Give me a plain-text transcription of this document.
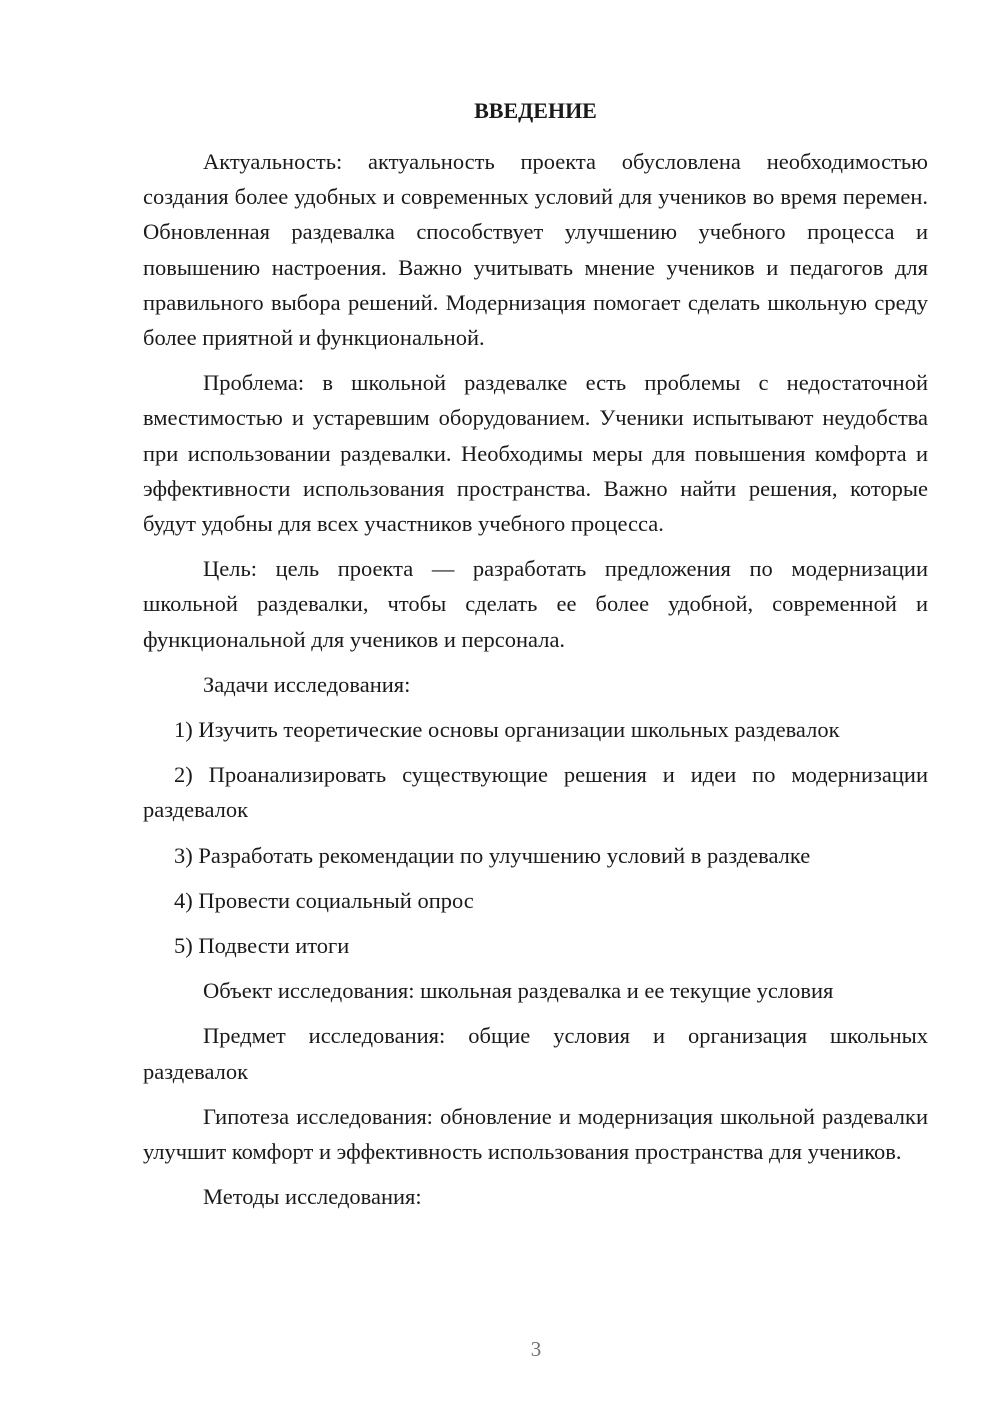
ВВЕДЕНИЕ

Актуальность: актуальность проекта обусловлена необходимостью создания более удобных и современных условий для учеников во время перемен. Обновленная раздевалка способствует улучшению учебного процесса и повышению настроения. Важно учитывать мнение учеников и педагогов для правильного выбора решений. Модернизация помогает сделать школьную среду более приятной и функциональной.

Проблема: в школьной раздевалке есть проблемы с недостаточной вместимостью и устаревшим оборудованием. Ученики испытывают неудобства при использовании раздевалки. Необходимы меры для повышения комфорта и эффективности использования пространства. Важно найти решения, которые будут удобны для всех участников учебного процесса.

Цель: цель проекта — разработать предложения по модернизации школьной раздевалки, чтобы сделать ее более удобной, современной и функциональной для учеников и персонала.

Задачи исследования:

1) Изучить теоретические основы организации школьных раздевалок

2) Проанализировать существующие решения и идеи по модернизации раздевалок

3) Разработать рекомендации по улучшению условий в раздевалке

4) Провести социальный опрос

5) Подвести итоги

Объект исследования: школьная раздевалка и ее текущие условия

Предмет исследования: общие условия и организация школьных раздевалок

Гипотеза исследования: обновление и модернизация школьной раздевалки улучшит комфорт и эффективность использования пространства для учеников.

Методы исследования:

3
